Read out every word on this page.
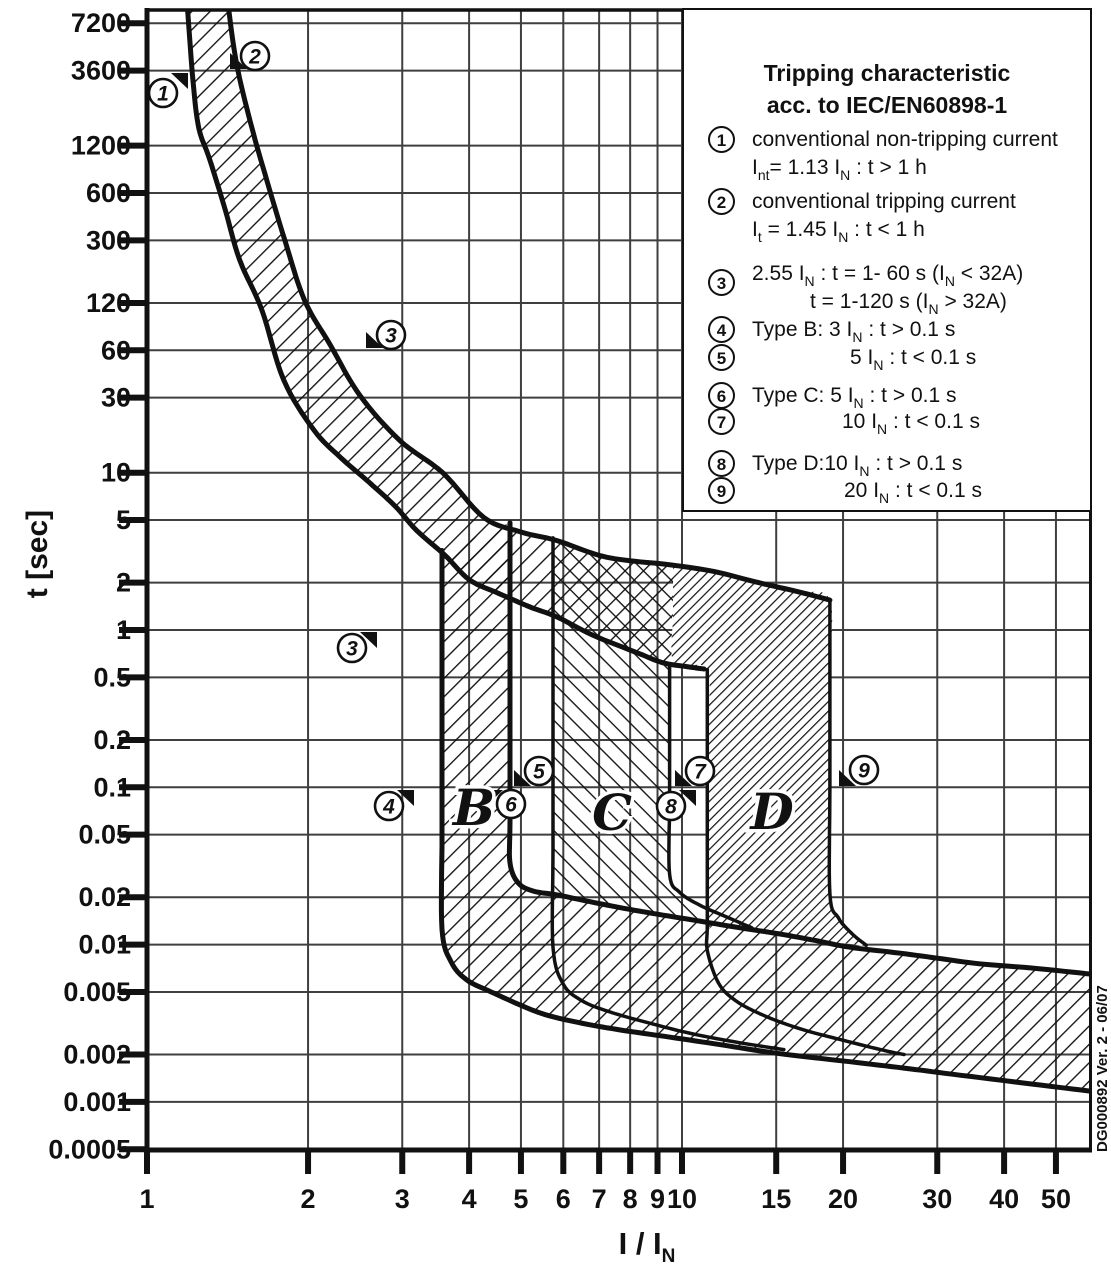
7200
3600
1200
600
300
120
60
30
10
5
2
1
0.5
0.2
0.1
0.05
0.02
0.01
0.005
0.002
0.001
0.0005
1	2	3 4 5 6 7 8 9 10 15 20 30 40 50
1
2
3
3
4
5
6
7
8
9
B C D
Tripping characteristic
acc. to IEC/EN60898-1
1	conventional non-tripping current
$I_{nt}= 1.13$ $I_N$ : t > 1 h
2	conventional tripping current
$I_t = 1.45$ $I_N$ : t < 1 h
3	2.55 $I_N$ : t = 1- 60 s $(I_N < 32A)$
t = 1-120 s $(I_N > 32A)$
4	Type B: 3 $I_N$ : t > 0.1 s
5	5 $I_N$ : t < 0.1 s
6	Type C: 5 $I_N$ : t > 0.1 s
7	10 $I_N$ : t < 0.1 s
8	Type D:10 $I_N$ : t > 0.1 s
9	20 $I_N$ : t < 0.1 s
t [sec]
I / $I_N$
DG000892 Ver. 2 - 06/07
